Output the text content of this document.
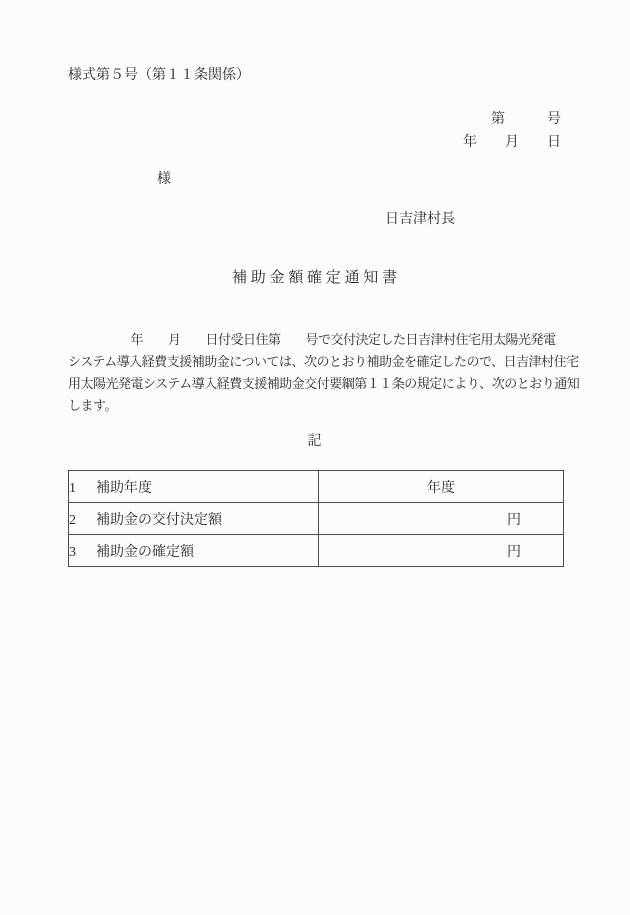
様式第５号（第１１条関係）
第　　　号
年　　月　　日
様
日吉津村長
補 助 金 額 確 定 通 知 書
　　　　　年　　月　　日付受日住第　　号で交付決定した日吉津村住宅用太陽光発電
システム導入経費支援補助金については、次のとおり補助金を確定したので、日吉津村住宅
用太陽光発電システム導入経費支援補助金交付要綱第１１条の規定により、次のとおり通知
します。
記
1 補助年度	年度
2 補助金の交付決定額	円
3 補助金の確定額	円
